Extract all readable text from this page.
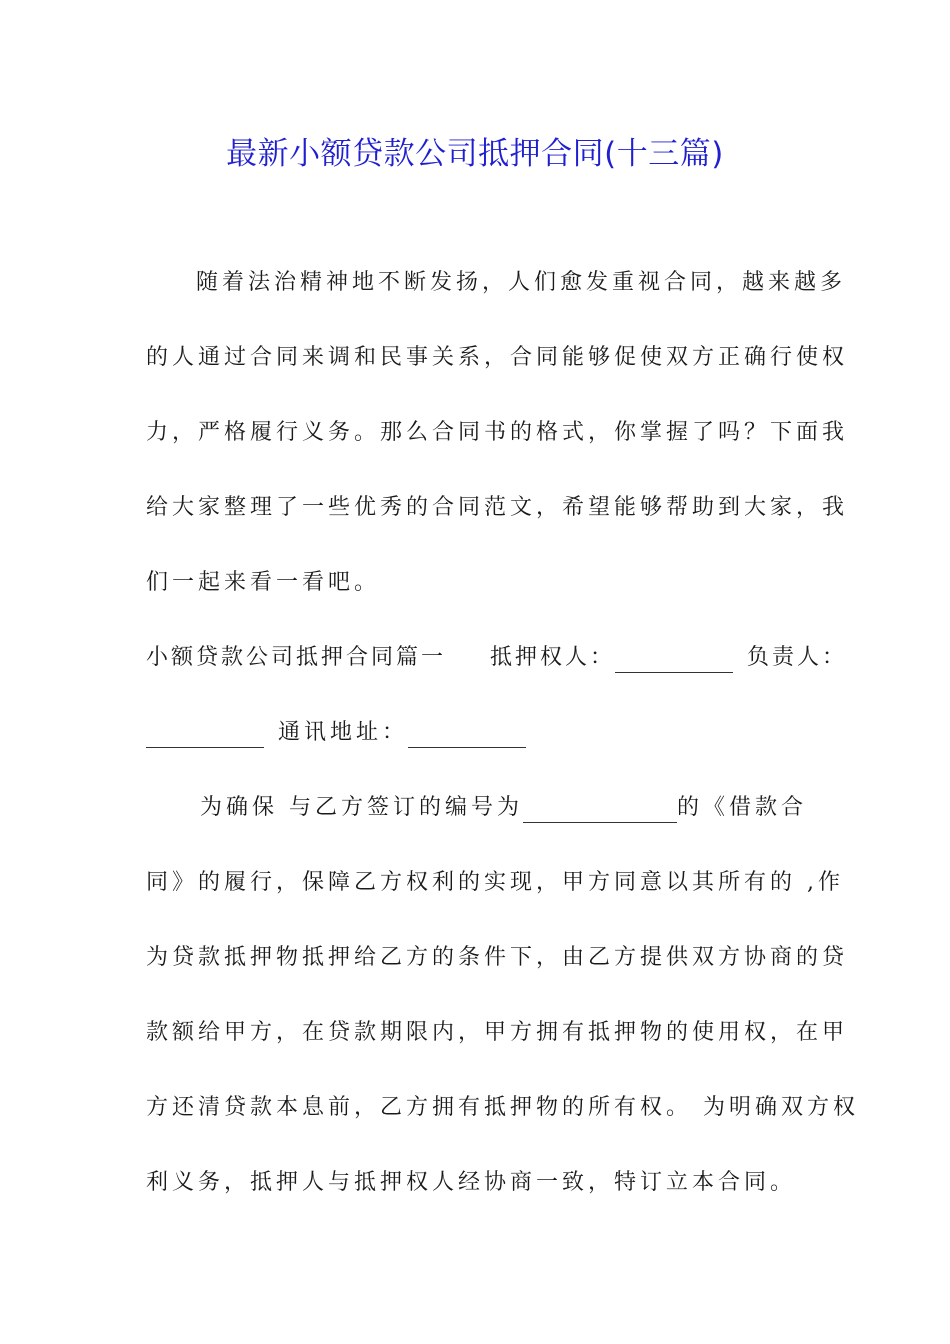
最新小额贷款公司抵押合同(十三篇)
随着法治精神地不断发扬，人们愈发重视合同，越来越多
的人通过合同来调和民事关系，合同能够促使双方正确行使权
力，严格履行义务。那么合同书的格式，你掌握了吗？下面我
给大家整理了一些优秀的合同范文，希望能够帮助到大家，我
们一起来看一看吧。
小额贷款公司抵押合同篇一 抵押权人：	负责人：
通讯地址：
为确保 与乙方签订的编号为	的《借款合
同》的履行，保障乙方权利的实现，甲方同意以其所有的 ,作
为贷款抵押物抵押给乙方的条件下，由乙方提供双方协商的贷
款额给甲方，在贷款期限内，甲方拥有抵押物的使用权，在甲
方还清贷款本息前，乙方拥有抵押物的所有权。 为明确双方权
利义务，抵押人与抵押权人经协商一致，特订立本合同。
